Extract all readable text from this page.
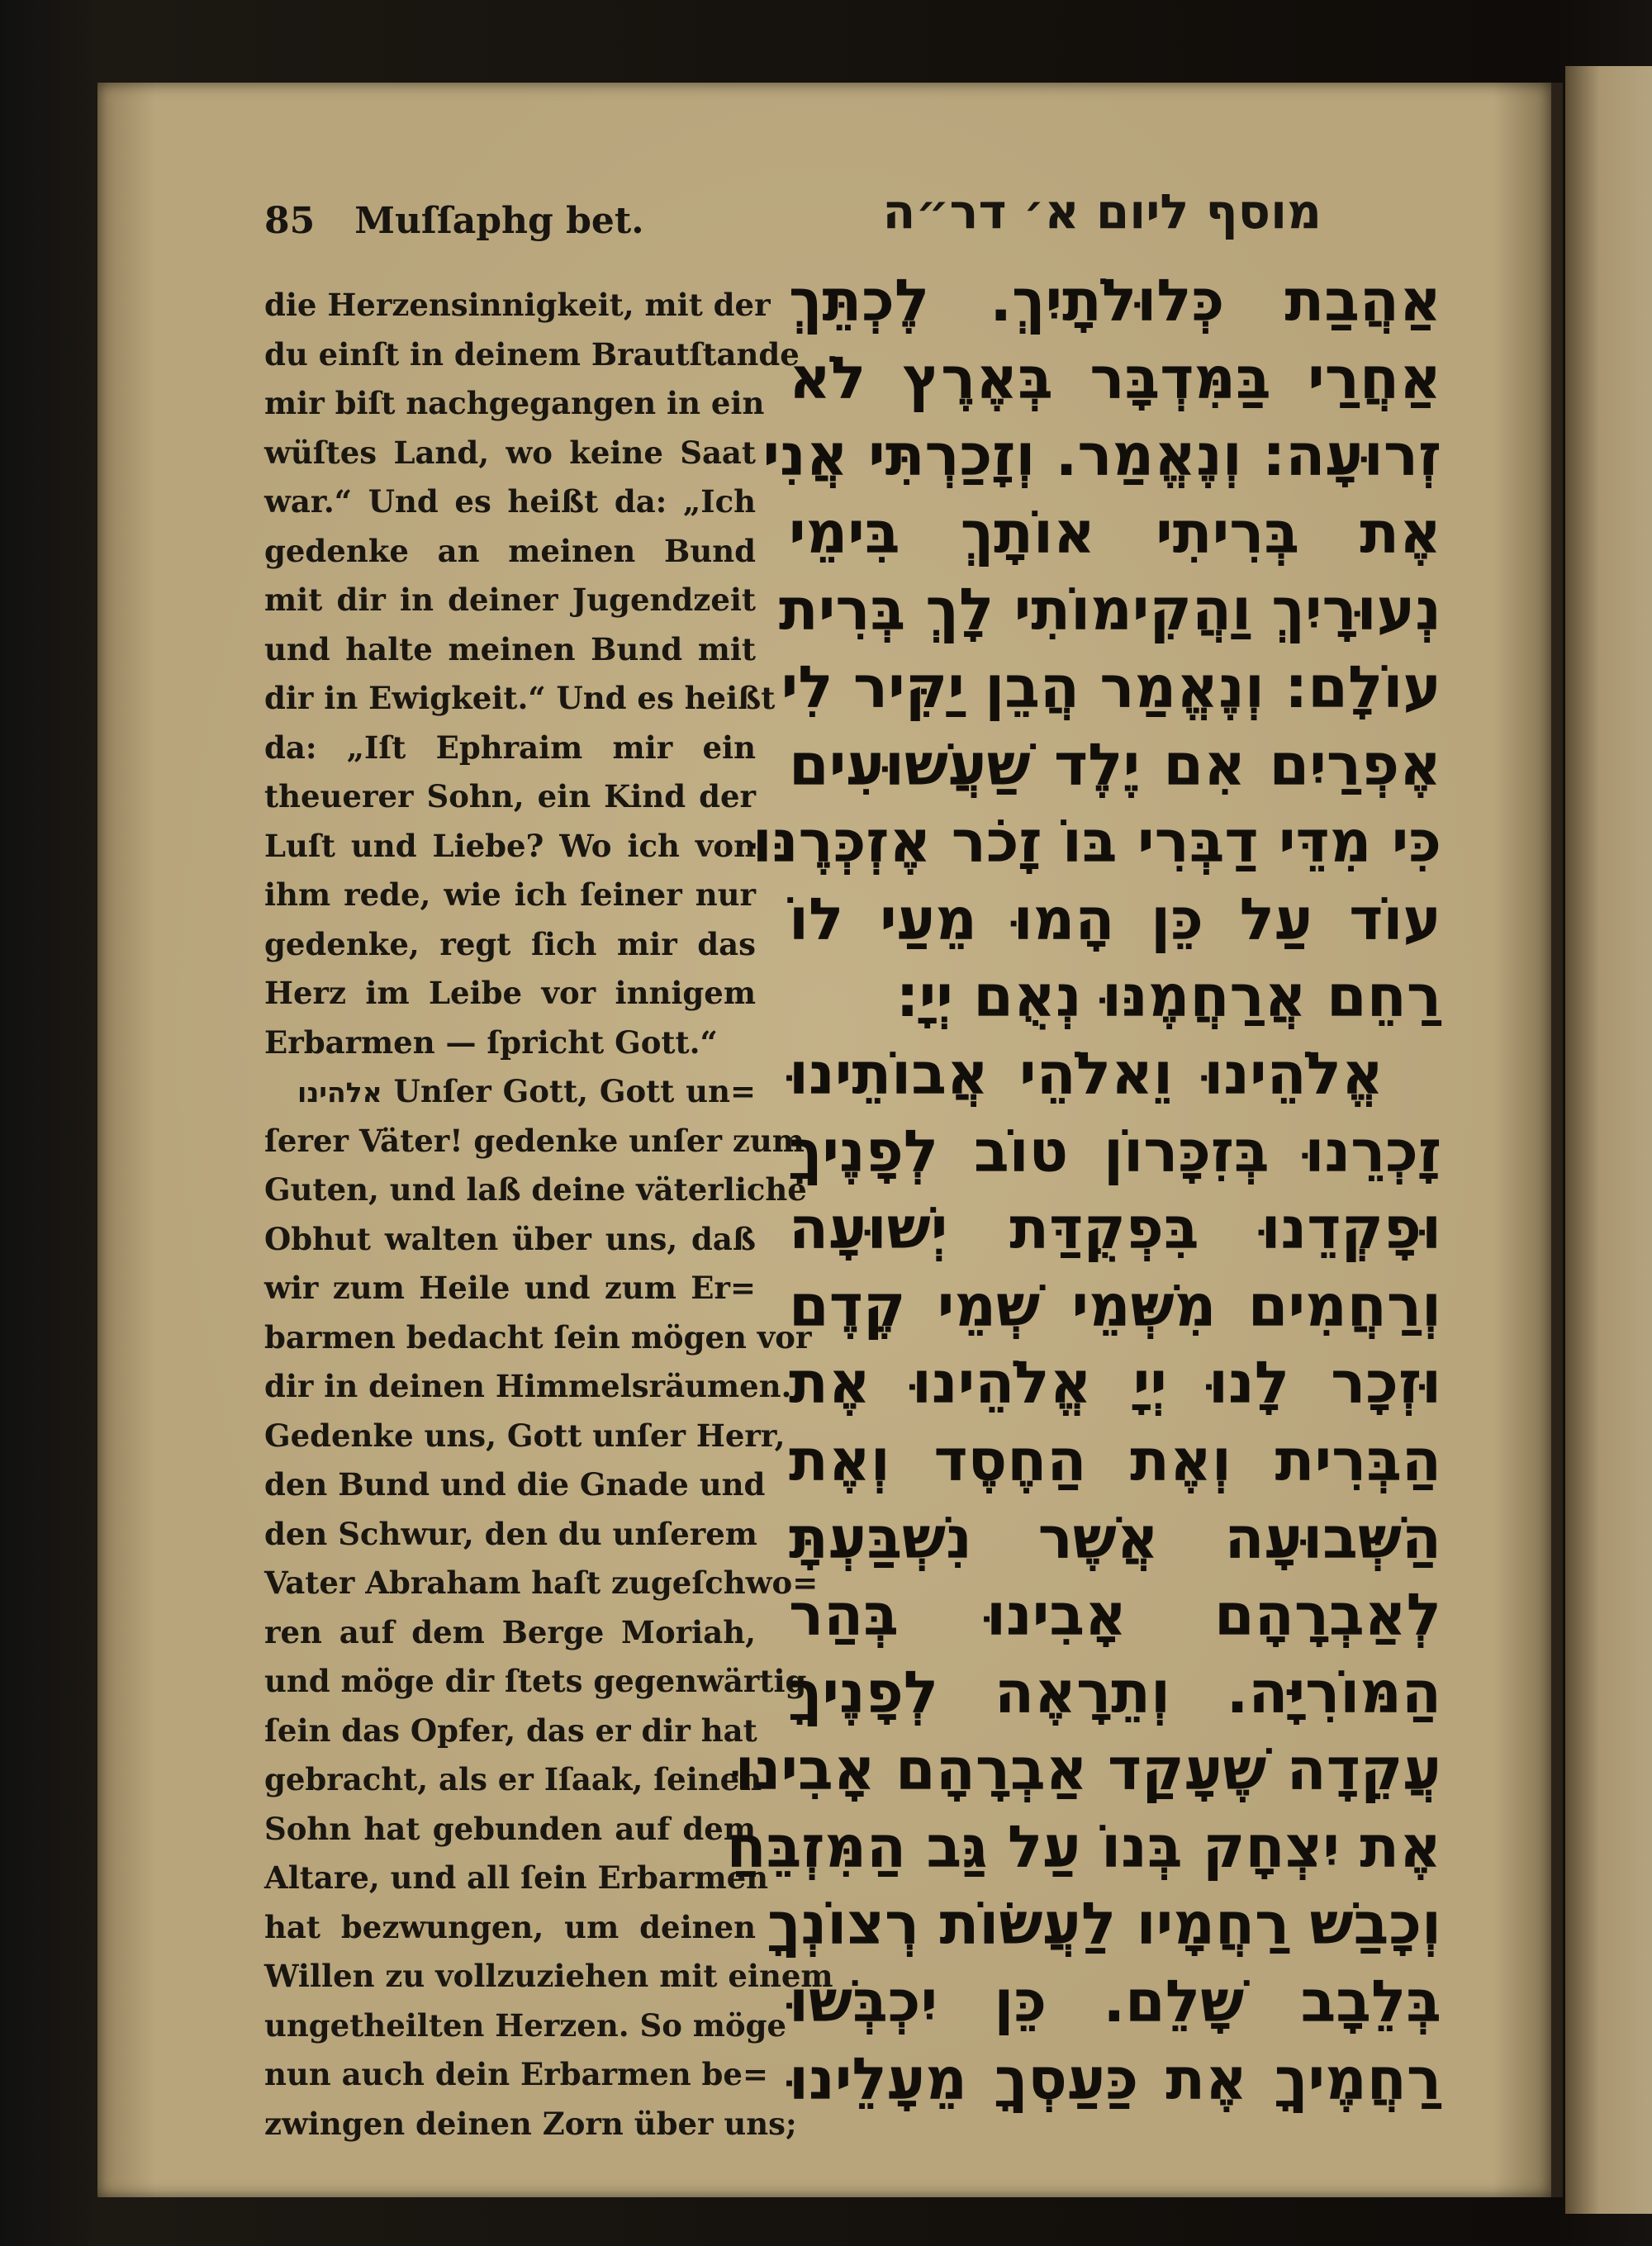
85 Muſſaphg bet.	מוסף ליום א׳ דר״ה
die Herzensinnigkeit, mit der
du einſt in deinem Brautſtande
mir biſt nachgegangen in ein
wüſtes Land, wo keine Saat
war.“ Und es heißt da: „Ich
gedenke an meinen Bund
mit dir in deiner Jugendzeit
und halte meinen Bund mit
dir in Ewigkeit.“ Und es heißt
da: „Iſt Ephraim mir ein
theuerer Sohn, ein Kind der
Luſt und Liebe? Wo ich von
ihm rede, wie ich ſeiner nur
gedenke, regt ſich mir das
Herz im Leibe vor innigem
Erbarmen — ſpricht Gott.“
אלהינו Unſer Gott, Gott un=
ſerer Väter! gedenke unſer zum
Guten, und laß deine väterliche
Obhut walten über uns, daß
wir zum Heile und zum Er=
barmen bedacht ſein mögen vor
dir in deinen Himmelsräumen.
Gedenke uns, Gott unſer Herr,
den Bund und die Gnade und
den Schwur, den du unſerem
Vater Abraham haſt zugeſchwo=
ren auf dem Berge Moriah,
und möge dir ſtets gegenwärtig
ſein das Opfer, das er dir hat
gebracht, als er Iſaak, ſeinen
Sohn hat gebunden auf dem
Altare, und all ſein Erbarmen
hat bezwungen, um deinen
Willen zu vollzuziehen mit einem
ungetheilten Herzen. So möge
nun auch dein Erbarmen be=
zwingen deinen Zorn über uns;
אַהֲבַת כְּלוּלֹתָיִךְ. לֶכְתֵּךְ
אַחֲרַי בַּמִּדְבָּר בְּאֶרֶץ לֹא
זְרוּעָה: וְנֶאֱמַר. וְזָכַרְתִּי אֲנִי
אֶת בְּרִיתִי אוֹתָךְ בִּימֵי
נְעוּרָיִךְ וַהֲקִימוֹתִי לָךְ בְּרִית
עוֹלָם: וְנֶאֱמַר הֲבֵן יַקִּיר לִי
אֶפְרַיִם אִם יֶלֶד שַׁעֲשׁוּעִים
כִּי מִדֵּי דַבְּרִי בּוֹ זָכֹר אֶזְכְּרֶנּוּ
עוֹד עַל כֵּן הָמוּ מֵעַי לוֹ
רַחֵם אֲרַחֲמֶנּוּ נְאֻם יְיָ:
אֱלֹהֵינוּ וֵאלֹהֵי אֲבוֹתֵינוּ
זָכְרֵנוּ בְּזִכָּרוֹן טוֹב לְפָנֶיךָ
וּפָקְדֵנוּ בִּפְקֻדַּת יְשׁוּעָה
וְרַחֲמִים מִשְּׁמֵי שְׁמֵי קֶדֶם
וּזְכָר לָנוּ יְיָ אֱלֹהֵינוּ אֶת
הַבְּרִית וְאֶת הַחֶסֶד וְאֶת
הַשְּׁבוּעָה אֲשֶׁר נִשְׁבַּעְתָּ
לְאַבְרָהָם אָבִינוּ בְּהַר
הַמּוֹרִיָּה. וְתֵרָאֶה לְפָנֶיךָ
עֲקֵדָה שֶׁעָקַד אַבְרָהָם אָבִינוּ
אֶת יִצְחָק בְּנוֹ עַל גַּב הַמִּזְבֵּחַ
וְכָבַשׁ רַחֲמָיו לַעֲשׂוֹת רְצוֹנְךָ
בְּלֵבָב שָׁלֵם. כֵּן יִכְבְּשׁוּ
רַחֲמֶיךָ אֶת כַּעַסְךָ מֵעָלֵינוּ
